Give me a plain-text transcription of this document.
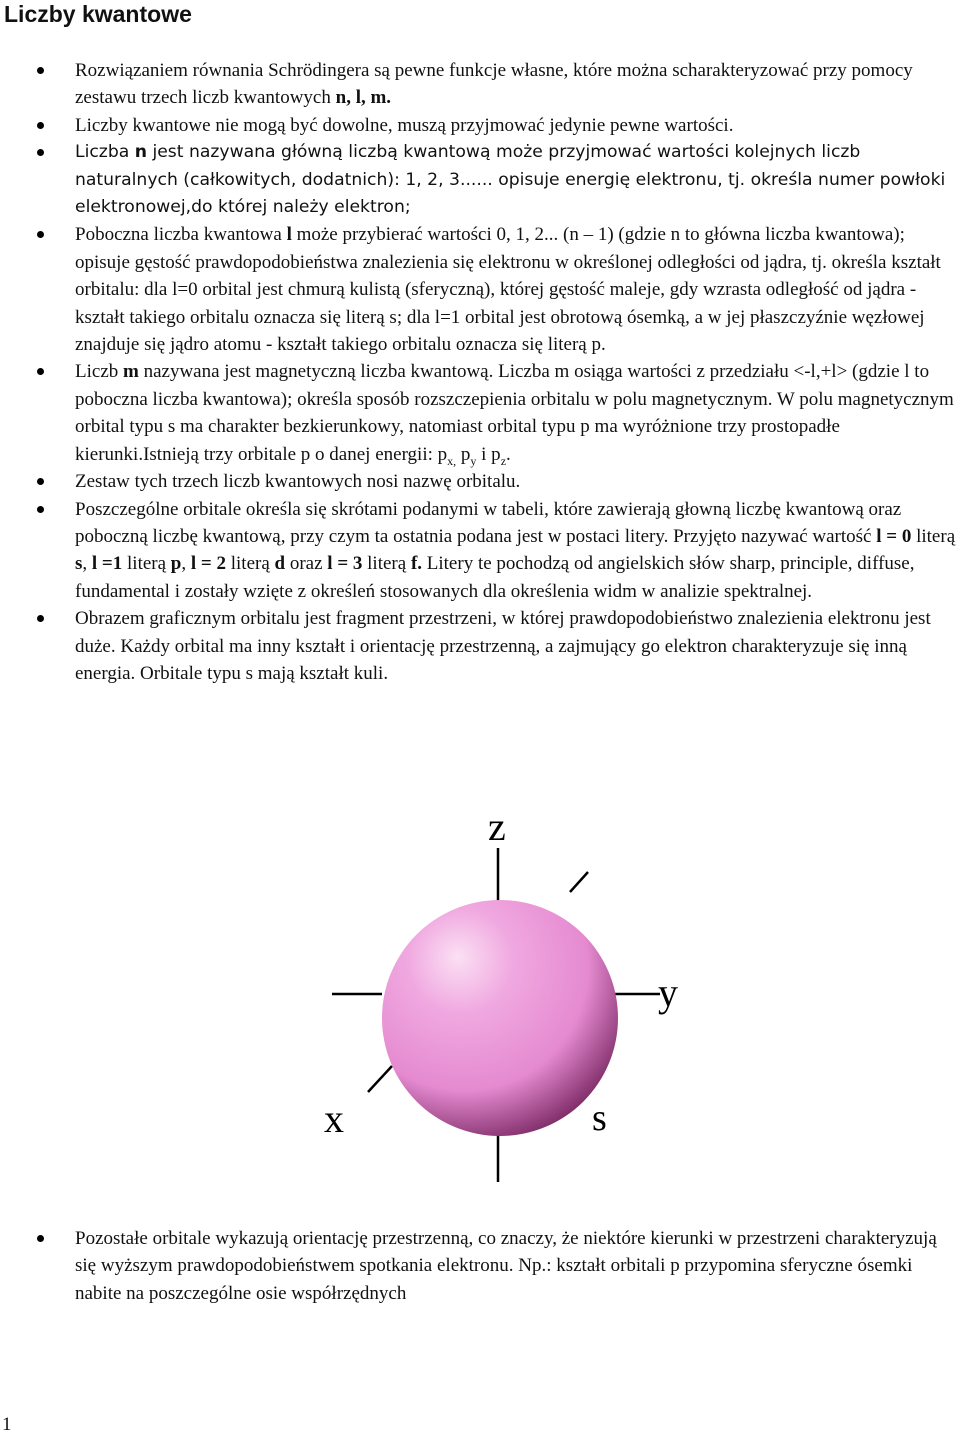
Liczby kwantowe
Rozwiązaniem równania Schrödingera są pewne funkcje własne, które można scharakteryzować przy pomocy zestawu trzech liczb kwantowych n, l, m.
Liczby kwantowe nie mogą być dowolne, muszą przyjmować jedynie pewne wartości.
Liczba n jest nazywana główną liczbą kwantową może przyjmować wartości kolejnych liczb naturalnych (całkowitych, dodatnich): 1, 2, 3...... opisuje energię elektronu, tj. określa numer powłoki elektronowej,do której należy elektron;
Poboczna liczba kwantowa l może przybierać wartości 0, 1, 2... (n – 1) (gdzie n to główna liczba kwantowa); opisuje gęstość prawdopodobieństwa znalezienia się elektronu w określonej odległości od jądra, tj. określa kształt orbitalu: dla l=0 orbital jest chmurą kulistą (sferyczną), której gęstość maleje, gdy wzrasta odległość od jądra - kształt takiego orbitalu oznacza się literą s; dla l=1 orbital jest obrotową ósemką, a w jej płaszczyźnie węzłowej znajduje się jądro atomu - kształt takiego orbitalu oznacza się literą p.
Liczb m nazywana jest magnetyczną liczba kwantową. Liczba m osiąga wartości z przedziału <-l,+l> (gdzie l to poboczna liczba kwantowa); określa sposób rozszczepienia orbitalu w polu magnetycznym. W polu magnetycznym orbital typu s ma charakter bezkierunkowy, natomiast orbital typu p ma wyróżnione trzy prostopadłe kierunki.Istnieją trzy orbitale p o danej energii: $p_{x,}$ $p_y$ i $p_z$.
Zestaw tych trzech liczb kwantowych nosi nazwę orbitalu.
Poszczególne orbitale określa się skrótami podanymi w tabeli, które zawierają głowną liczbę kwantową oraz poboczną liczbę kwantową, przy czym ta ostatnia podana jest w postaci litery. Przyjęto nazywać wartość l = 0 literą s, l =1 literą p, l = 2 literą d oraz l = 3 literą f. Litery te pochodzą od angielskich słów sharp, principle, diffuse, fundamental i zostały wzięte z określeń stosowanych dla określenia widm w analizie spektralnej.
Obrazem graficznym orbitalu jest fragment przestrzeni, w której prawdopodobieństwo znalezienia elektronu jest duże. Każdy orbital ma inny kształt i orientację przestrzenną, a zajmujący go elektron charakteryzuje się inną energia. Orbitale typu s mają kształt kuli.
z
y
x	s
Pozostałe orbitale wykazują orientację przestrzenną, co znaczy, że niektóre kierunki w przestrzeni charakteryzują się wyższym prawdopodobieństwem spotkania elektronu. Np.: kształt orbitali p przypomina sferyczne ósemki nabite na poszczególne osie współrzędnych
1
